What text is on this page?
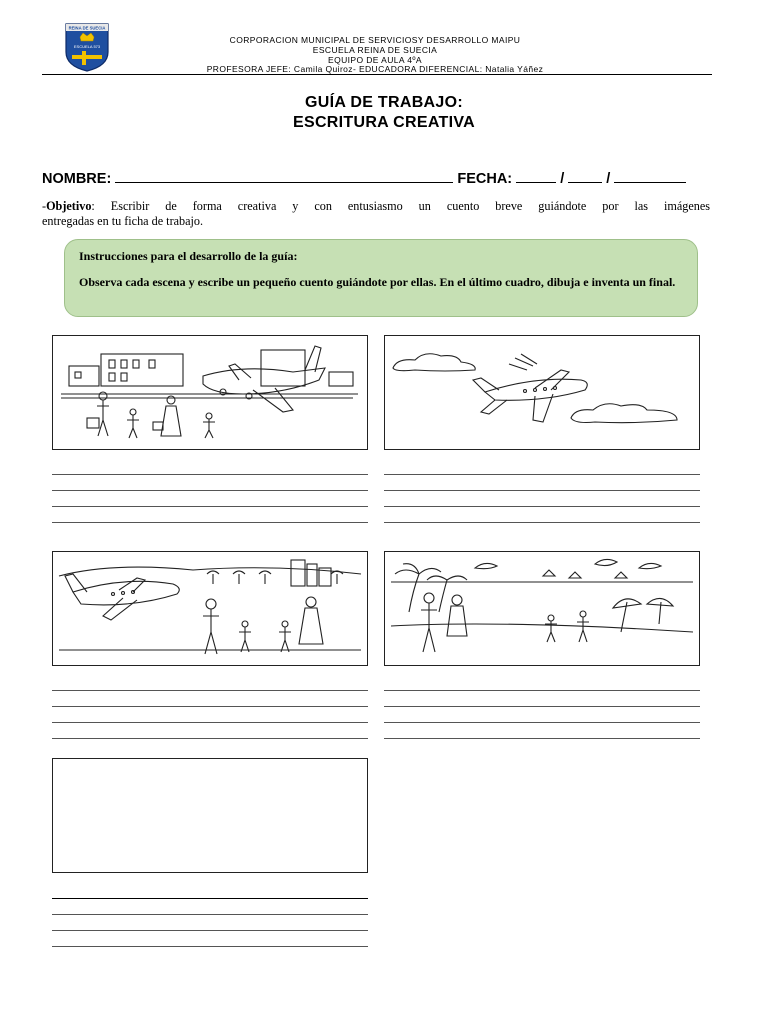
REINA DE SUECIA
ESCUELA 573
CORPORACION MUNICIPAL DE SERVICIOSY DESARROLLO MAIPU
ESCUELA REINA DE SUECIA
EQUIPO DE AULA 4ºA
PROFESORA JEFE: Camila Quiroz- EDUCADORA DIFERENCIAL: Natalia Yáñez
GUÍA DE TRABAJO:
ESCRITURA CREATIVA
NOMBRE:	FECHA:	/	/
-Objetivo: Escribir de forma creativa y con entusiasmo un cuento breve guiándote por las imágenes
entregadas en tu ficha de trabajo.
Instrucciones para el desarrollo de la guía:
Observa cada escena y escribe un pequeño cuento guiándote por ellas. En el último cuadro, dibuja e inventa un final.
